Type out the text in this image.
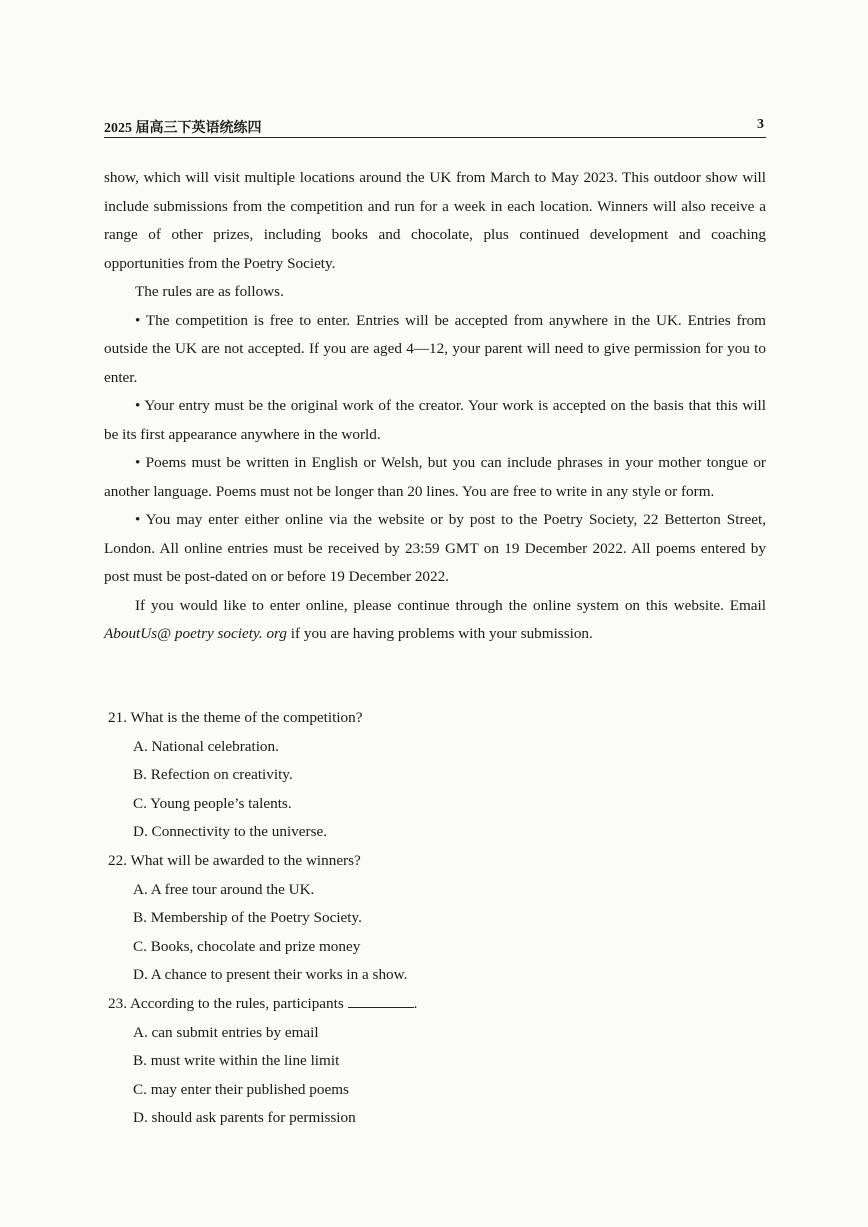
2025 届高三下英语统练四	3

show, which will visit multiple locations around the UK from March to May 2023. This outdoor show will include submissions from the competition and run for a week in each location. Winners will also receive a range of other prizes, including books and chocolate, plus continued development and coaching opportunities from the Poetry Society.

The rules are as follows.

• The competition is free to enter. Entries will be accepted from anywhere in the UK. Entries from outside the UK are not accepted. If you are aged 4—12, your parent will need to give permission for you to enter.

• Your entry must be the original work of the creator. Your work is accepted on the basis that this will be its first appearance anywhere in the world.

• Poems must be written in English or Welsh, but you can include phrases in your mother tongue or another language. Poems must not be longer than 20 lines. You are free to write in any style or form.

• You may enter either online via the website or by post to the Poetry Society, 22 Betterton Street, London. All online entries must be received by 23:59 GMT on 19 December 2022. All poems entered by post must be post-dated on or before 19 December 2022.

If you would like to enter online, please continue through the online system on this website. Email AboutUs@ poetry society. org if you are having problems with your submission.

21. What is the theme of the competition?

A. National celebration.

B. Refection on creativity.

C. Young people’s talents.

D. Connectivity to the universe.

22. What will be awarded to the winners?

A. A free tour around the UK.

B. Membership of the Poetry Society.

C. Books, chocolate and prize money

D. A chance to present their works in a show.

23. According to the rules, participants	.

A. can submit entries by email

B. must write within the line limit

C. may enter their published poems

D. should ask parents for permission
